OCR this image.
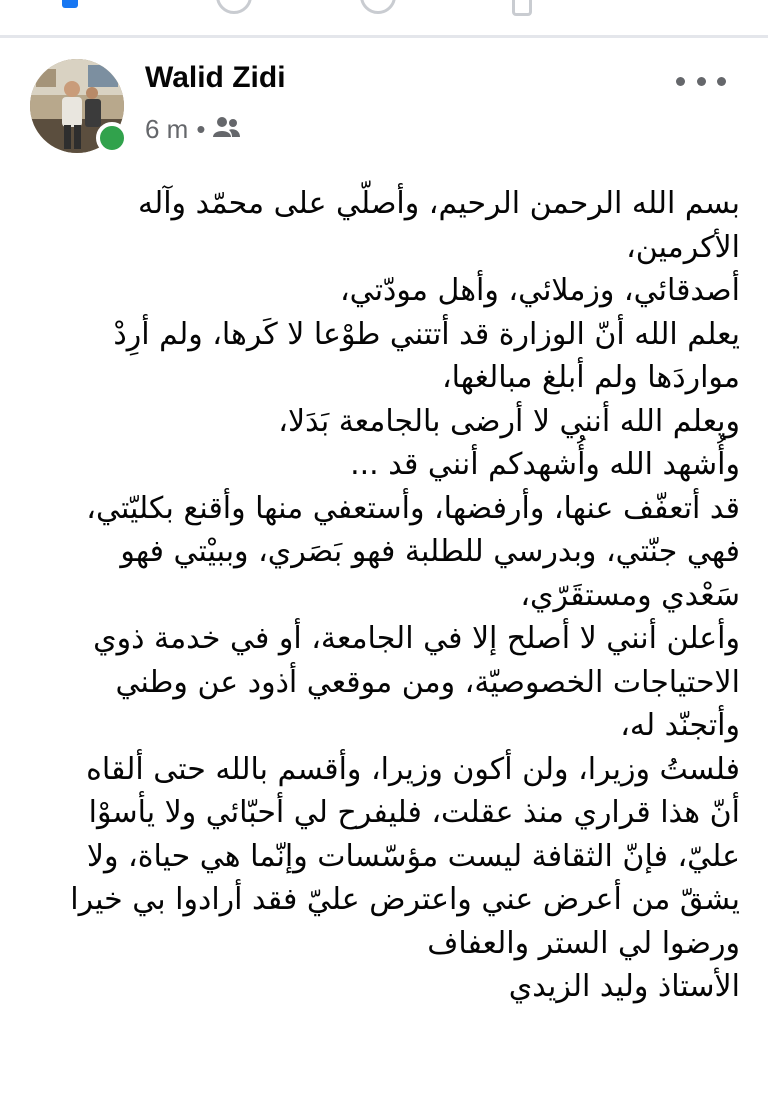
Walid Zidi
6 m •
بسم الله الرحمن الرحيم، وأصلّي على محمّد وآله
الأكرمين،
أصدقائي، وزملائي، وأهل مودّتي،
يعلم الله أنّ الوزارة قد أتتني طوْعا لا كَرها، ولم أرِدْ
مواردَها ولم أبلغ مبالغها،
ويعلم الله أنني لا أرضى بالجامعة بَدَلا،
وأُشهد الله وأُشهدكم أنني قد ...
قد أتعفّف عنها، وأرفضها، وأستعفي منها وأقنع بكليّتي،
فهي جنّتي، وبدرسي للطلبة فهو بَصَري، وببيْتي فهو
سَعْدي ومستقَرّي،
وأعلن أنني لا أصلح إلا في الجامعة، أو في خدمة ذوي
الاحتياجات الخصوصيّة، ومن موقعي أذود عن وطني
وأتجنّد له،
فلستُ وزيرا، ولن أكون وزيرا، وأقسم بالله حتى ألقاه
أنّ هذا قراري منذ عقلت، فليفرح لي أحبّائي ولا يأسوْا
عليّ، فإنّ الثقافة ليست مؤسّسات وإنّما هي حياة، ولا
يشقّ من أعرض عني واعترض عليّ فقد أرادوا بي خيرا
ورضوا لي الستر والعفاف
الأستاذ وليد الزيدي
